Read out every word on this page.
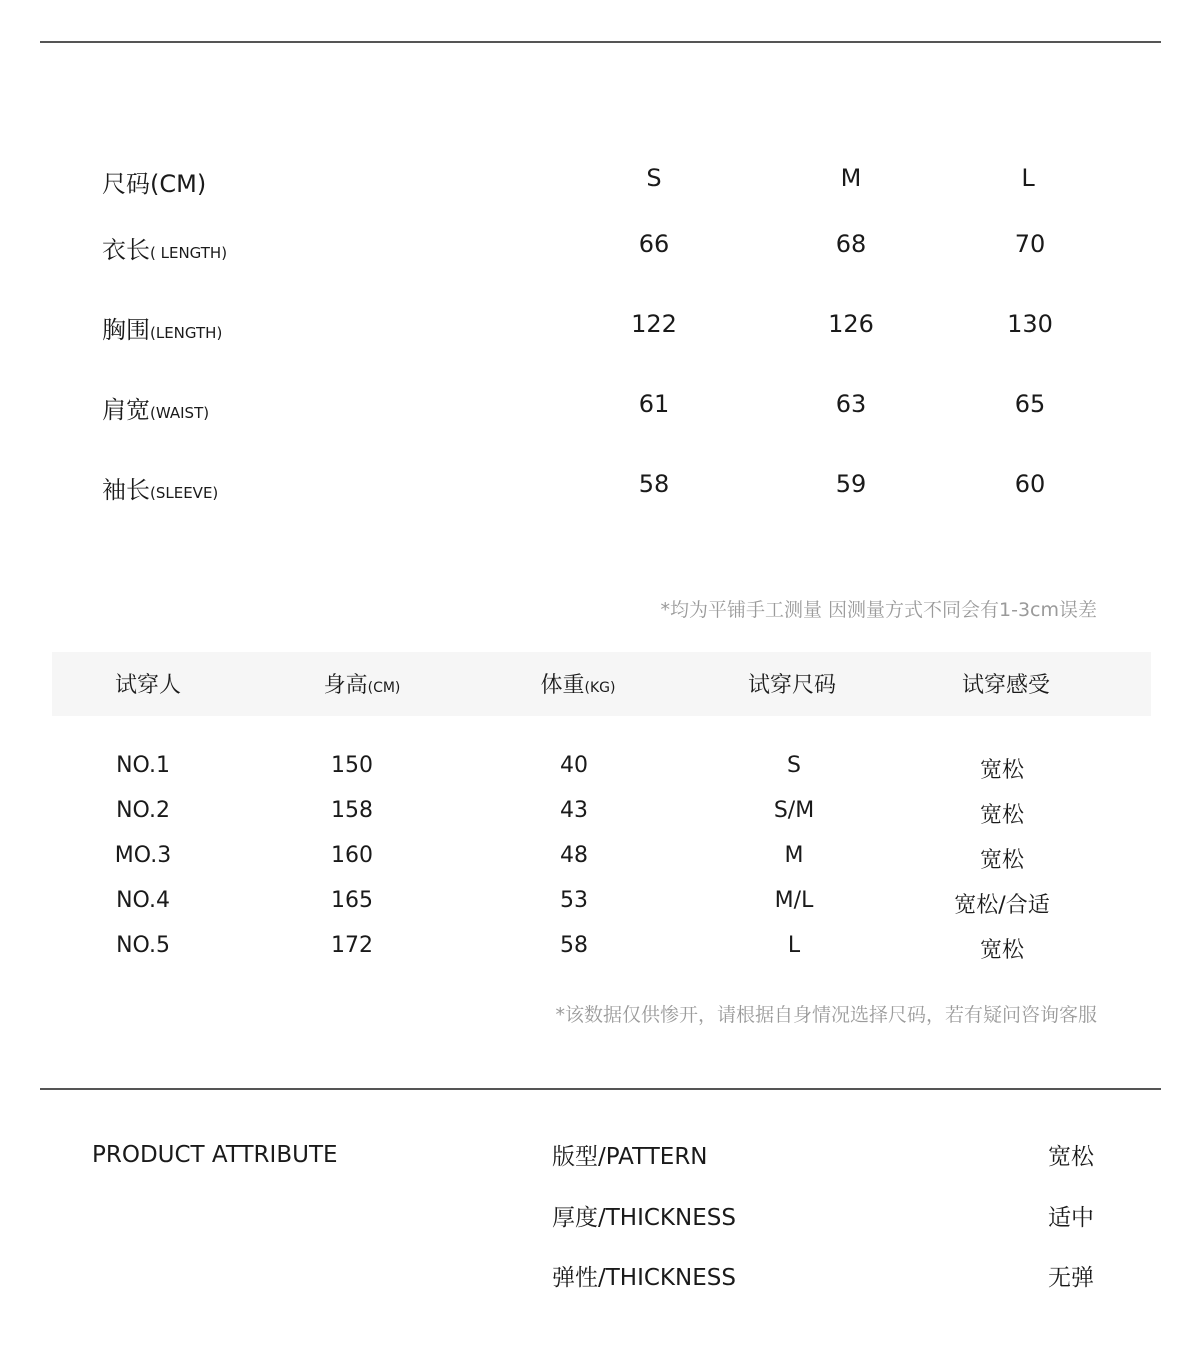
尺码(CM)	S	M	L
衣长( LENGTH)	66	68	70
胸围(LENGTH)	122	126	130
肩宽(WAIST)	61	63	65
袖长(SLEEVE)	58	59	60
*均为平铺手工测量 因测量方式不同会有1-3cm误差
试穿人	身高(CM)	体重(KG)	试穿尺码	试穿感受
NO.1	150	40	S	宽松
NO.2	158	43	S/M	宽松
MO.3	160	48	M	宽松
NO.4	165	53	M/L	宽松/合适
NO.5	172	58	L	宽松
*该数据仅供惨开，请根据自身情况选择尺码，若有疑问咨询客服
PRODUCT ATTRIBUTE	版型/PATTERN	宽松
厚度/THICKNESS	适中
弹性/THICKNESS	无弹
